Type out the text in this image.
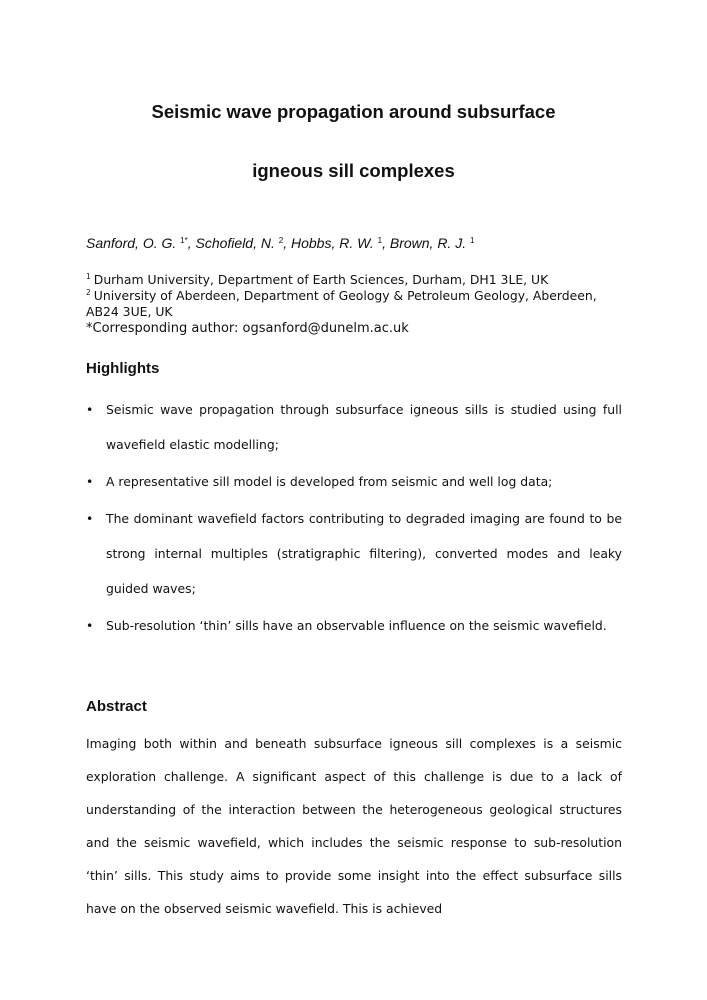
Seismic wave propagation around subsurface
igneous sill complexes

Sanford, O. G. $^{1*}$, Schofield, N. $^2$, Hobbs, R. W. $^1$, Brown, R. J. $^1$

$^1$ Durham University, Department of Earth Sciences, Durham, DH1 3LE, UK

$^2$ University of Aberdeen, Department of Geology & Petroleum Geology, Aberdeen, AB24 3UE, UK

*Corresponding author: ogsanford@dunelm.ac.uk

Highlights
• Seismic wave propagation through subsurface igneous sills is studied using full wavefield elastic modelling;
• A representative sill model is developed from seismic and well log data;
• The dominant wavefield factors contributing to degraded imaging are found to be strong internal multiples (stratigraphic filtering), converted modes and leaky guided waves;
• Sub-resolution ‘thin’ sills have an observable influence on the seismic wavefield.
Abstract

Imaging both within and beneath subsurface igneous sill complexes is a seismic exploration challenge. A significant aspect of this challenge is due to a lack of understanding of the interaction between the heterogeneous geological structures and the seismic wavefield, which includes the seismic response to sub-resolution ‘thin’ sills. This study aims to provide some insight into the effect subsurface sills have on the observed seismic wavefield. This is achieved
